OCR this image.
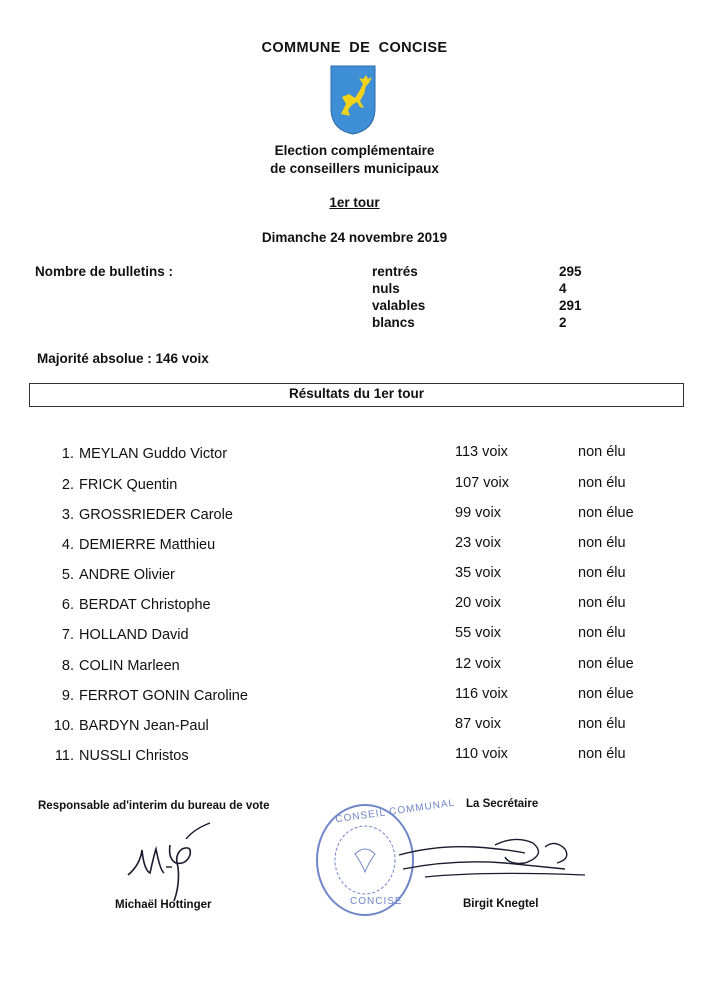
COMMUNE DE CONCISE
Election complémentaire
de conseillers municipaux
1er tour
Dimanche 24 novembre 2019
Nombre de bulletins :	rentrés	295
nuls	4
valables	291
blancs	2
Majorité absolue : 146 voix
Résultats du 1er tour
1. MEYLAN Guddo Victor	113 voix	non élu
2. FRICK Quentin	107 voix	non élu
3. GROSSRIEDER Carole	99 voix	non élue
4. DEMIERRE Matthieu	23 voix	non élu
5. ANDRE Olivier	35 voix	non élu
6. BERDAT Christophe	20 voix	non élu
7. HOLLAND David	55 voix	non élu
8. COLIN Marleen	12 voix	non élue
9. FERROT GONIN Caroline	116 voix	non élue
10. BARDYN Jean-Paul	87 voix	non élu
11. NUSSLI Christos	110 voix	non élu
Responsable ad'interim du bureau de vote	La Secrétaire
CONSEIL COMMUNAL
CONCISE
Michaël Hottinger	Birgit Knegtel
